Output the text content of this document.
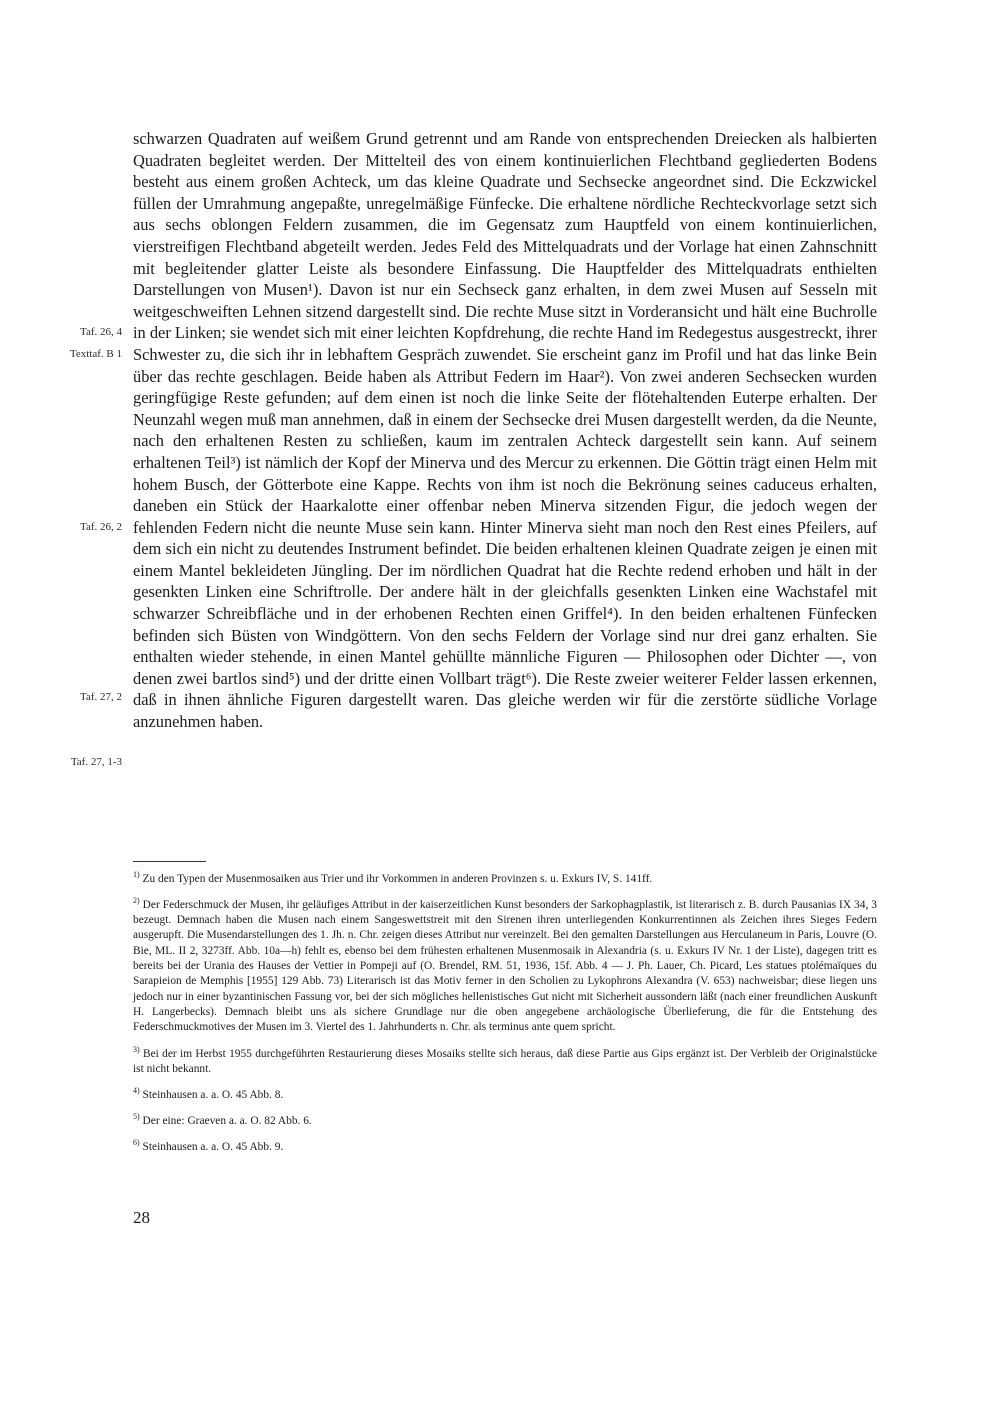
schwarzen Quadraten auf weißem Grund getrennt und am Rande von entsprechenden Dreiecken als halbierten Quadraten begleitet werden. Der Mittelteil des von einem kontinuierlichen Flechtband gegliederten Bodens besteht aus einem großen Achteck, um das kleine Quadrate und Sechsecke angeordnet sind. Die Eckzwickel füllen der Umrahmung angepaßte, unregelmäßige Fünfecke. Die erhaltene nördliche Rechteckvorlage setzt sich aus sechs oblongen Feldern zusammen, die im Gegensatz zum Hauptfeld von einem kontinuierlichen, vierstreifigen Flechtband abgeteilt werden. Jedes Feld des Mittelquadrats und der Vorlage hat einen Zahnschnitt mit begleitender glatter Leiste als besondere Einfassung. Die Hauptfelder des Mittelquadrats enthielten Darstellungen von Musen¹). Davon ist nur ein Sechseck ganz erhalten, in dem zwei Musen auf Sesseln mit weitgeschweiften Lehnen sitzend dargestellt sind. Die rechte Muse sitzt in Vorderansicht und hält eine Buchrolle in der Linken; sie wendet sich mit einer leichten Kopfdrehung, die rechte Hand im Redegestus ausgestreckt, ihrer Schwester zu, die sich ihr in lebhaftem Gespräch zuwendet. Sie erscheint ganz im Profil und hat das linke Bein über das rechte geschlagen. Beide haben als Attribut Federn im Haar²). Von zwei anderen Sechsecken wurden geringfügige Reste gefunden; auf dem einen ist noch die linke Seite der flötehaltenden Euterpe erhalten. Der Neunzahl wegen muß man annehmen, daß in einem der Sechsecke drei Musen dargestellt werden, da die Neunte, nach den erhaltenen Resten zu schließen, kaum im zentralen Achteck dargestellt sein kann. Auf seinem erhaltenen Teil³) ist nämlich der Kopf der Minerva und des Mercur zu erkennen. Die Göttin trägt einen Helm mit hohem Busch, der Götterbote eine Kappe. Rechts von ihm ist noch die Bekrönung seines caduceus erhalten, daneben ein Stück der Haarkalotte einer offenbar neben Minerva sitzenden Figur, die jedoch wegen der fehlenden Federn nicht die neunte Muse sein kann. Hinter Minerva sieht man noch den Rest eines Pfeilers, auf dem sich ein nicht zu deutendes Instrument befindet. Die beiden erhaltenen kleinen Quadrate zeigen je einen mit einem Mantel bekleideten Jüngling. Der im nördlichen Quadrat hat die Rechte redend erhoben und hält in der gesenkten Linken eine Schriftrolle. Der andere hält in der gleichfalls gesenkten Linken eine Wachstafel mit schwarzer Schreibfläche und in der erhobenen Rechten einen Griffel⁴). In den beiden erhaltenen Fünfecken befinden sich Büsten von Windgöttern. Von den sechs Feldern der Vorlage sind nur drei ganz erhalten. Sie enthalten wieder stehende, in einen Mantel gehüllte männliche Figuren — Philosophen oder Dichter —, von denen zwei bartlos sind⁵) und der dritte einen Vollbart trägt⁶). Die Reste zweier weiterer Felder lassen erkennen, daß in ihnen ähnliche Figuren dargestellt waren. Das gleiche werden wir für die zerstörte südliche Vorlage anzunehmen haben.

Taf. 26, 4
Texttaf. B 1
Taf. 26, 2
Taf. 27, 2
Taf. 27, 1-3

$^{1)}$ Zu den Typen der Musenmosaiken aus Trier und ihr Vorkommen in anderen Provinzen s. u. Exkurs IV, S. 141ff.

$^{2)}$ Der Federschmuck der Musen, ihr geläufiges Attribut in der kaiserzeitlichen Kunst besonders der Sarkophagplastik, ist literarisch z. B. durch Pausanias IX 34, 3 bezeugt. Demnach haben die Musen nach einem Sangeswettstreit mit den Sirenen ihren unterliegenden Konkurrentinnen als Zeichen ihres Sieges Federn ausgerupft. Die Musendarstellungen des 1. Jh. n. Chr. zeigen dieses Attribut nur vereinzelt. Bei den gemalten Darstellungen aus Herculaneum in Paris, Louvre (O. Bie, ML. II 2, 3273ff. Abb. 10a—h) fehlt es, ebenso bei dem frühesten erhaltenen Musenmosaik in Alexandria (s. u. Exkurs IV Nr. 1 der Liste), dagegen tritt es bereits bei der Urania des Hauses der Vettier in Pompeji auf (O. Brendel, RM. 51, 1936, 15f. Abb. 4 — J. Ph. Lauer, Ch. Picard, Les statues ptolémaïques du Sarapieion de Memphis [1955] 129 Abb. 73) Literarisch ist das Motiv ferner in den Scholien zu Lykophrons Alexandra (V. 653) nachweisbar; diese liegen uns jedoch nur in einer byzantinischen Fassung vor, bei der sich mögliches hellenistisches Gut nicht mit Sicherheit aussondern läßt (nach einer freundlichen Auskunft H. Langerbecks). Demnach bleibt uns als sichere Grundlage nur die oben angegebene archäologische Überlieferung, die für die Entstehung des Federschmuckmotives der Musen im 3. Viertel des 1. Jahrhunderts n. Chr. als terminus ante quem spricht.

$^{3)}$ Bei der im Herbst 1955 durchgeführten Restaurierung dieses Mosaiks stellte sich heraus, daß diese Partie aus Gips ergänzt ist. Der Verbleib der Originalstücke ist nicht bekannt.

$^{4)}$ Steinhausen a. a. O. 45 Abb. 8.

$^{5)}$ Der eine: Graeven a. a. O. 82 Abb. 6.

$^{6)}$ Steinhausen a. a. O. 45 Abb. 9.

28
